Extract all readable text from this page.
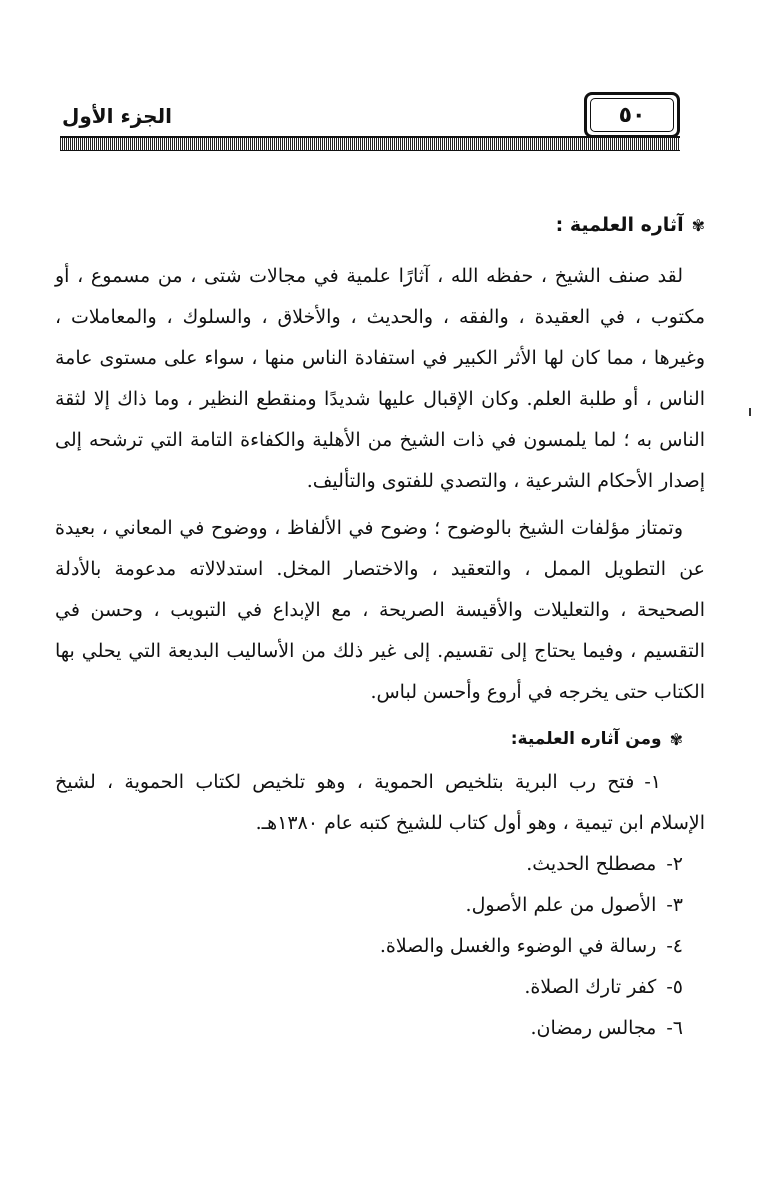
٥٠
الجزء الأول
✾
آثاره العلمية :

لقد صنف الشيخ ، حفظه الله ، آثارًا علمية في مجالات شتى ، من مسموع ، أو مكتوب ، في العقيدة ، والفقه ، والحديث ، والأخلاق ، والسلوك ، والمعاملات ، وغيرها ، مما كان لها الأثر الكبير في استفادة الناس منها ، سواء على مستوى عامة الناس ، أو طلبة العلم. وكان الإقبال عليها شديدًا ومنقطع النظير ، وما ذاك إلا لثقة الناس به ؛ لما يلمسون في ذات الشيخ من الأهلية والكفاءة التامة التي ترشحه إلى إصدار الأحكام الشرعية ، والتصدي للفتوى والتأليف.

وتمتاز مؤلفات الشيخ بالوضوح ؛ وضوح في الألفاظ ، ووضوح في المعاني ، بعيدة عن التطويل الممل ، والتعقيد ، والاختصار المخل. استدلالاته مدعومة بالأدلة الصحيحة ، والتعليلات والأقيسة الصريحة ، مع الإبداع في التبويب ، وحسن في التقسيم ، وفيما يحتاج إلى تقسيم. إلى غير ذلك من الأساليب البديعة التي يحلي بها الكتاب حتى يخرجه في أروع وأحسن لباس.

✾
ومن آثاره العلمية:
١-فتح رب البرية بتلخيص الحموية ، وهو تلخيص لكتاب الحموية ، لشيخ الإسلام ابن تيمية ، وهو أول كتاب للشيخ كتبه عام ١٣٨٠هـ.
٢-مصطلح الحديث.
٣-الأصول من علم الأصول.
٤-رسالة في الوضوء والغسل والصلاة.
٥-كفر تارك الصلاة.
٦-مجالس رمضان.
